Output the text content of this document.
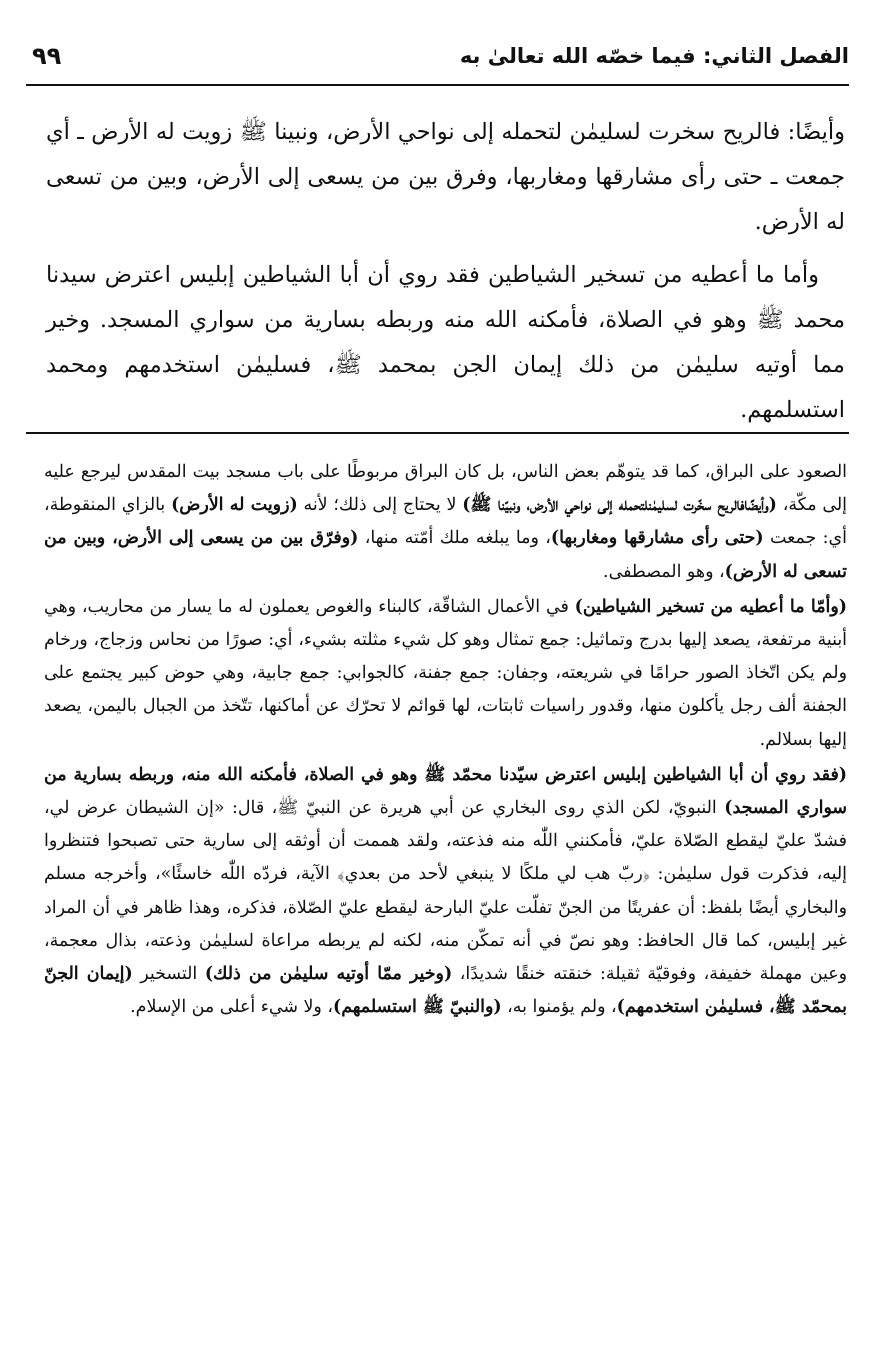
الفصل الثاني: فيما خصّه الله تعالىٰ به
٩٩

وأيضًا: فالريح سخرت لسليمٰن لتحمله إلى نواحي الأرض، ونبينا ﷺ زويت له الأرض ـ أي جمعت ـ حتى رأى مشارقها ومغاربها، وفرق بين من يسعى إلى الأرض، وبين من تسعى له الأرض.

وأما ما أعطيه من تسخير الشياطين فقد روي أن أبا الشياطين إبليس اعترض سيدنا محمد ﷺ وهو في الصلاة، فأمكنه الله منه وربطه بسارية من سواري المسجد. وخير مما أوتيه سليمٰن من ذلك إيمان الجن بمحمد ﷺ، فسليمٰن استخدمهم ومحمد استسلمهم.

الصعود على البراق، كما قد يتوهّم بعض الناس، بل كان البراق مربوطًا على باب مسجد بيت المقدس ليرجع عليه إلى مكّة، (وأيضًافالريح سخّرت لسليمٰنلتحمله إلى نواحي الأرض، ونبيّنا ﷺ) لا يحتاج إلى ذلك؛ لأنه (زويت له الأرض) بالزاي المنقوطة، أي: جمعت (حتى رأى مشارقها ومغاربها)، وما يبلغه ملك أمّته منها، (وفرّق بين من يسعى إلى الأرض، وبين من تسعى له الأرض)، وهو المصطفى.

(وأمّا ما أعطيه من تسخير الشياطين) في الأعمال الشاقّة، كالبناء والغوص يعملون له ما يسار من محاريب، وهي أبنية مرتفعة، يصعد إليها بدرج وتماثيل: جمع تمثال وهو كل شيء مثلته بشيء، أي: صورًا من نحاس وزجاج، ورخام ولم يكن اتّخاذ الصور حرامًا في شريعته، وجفان: جمع جفنة، كالجوابي: جمع جابية، وهي حوض كبير يجتمع على الجفنة ألف رجل يأكلون منها، وقدور راسيات ثابتات، لها قوائم لا تحرّك عن أماكنها، تتّخذ من الجبال باليمن، يصعد إليها بسلالم.

(فقد روي أن أبا الشياطين إبليس اعترض سيّدنا محمّد ﷺ وهو في الصلاة، فأمكنه الله منه، وربطه بسارية من سواري المسجد) النبويّ، لكن الذي روى البخاري عن أبي هريرة عن النبيّ ﷺ، قال: «إن الشيطان عرض لي، فشدّ عليّ ليقطع الصّلاة عليّ، فأمكنني اللّٰه منه فذعته، ولقد هممت أن أوثقه إلى سارية حتى تصبحوا فتنظروا إليه، فذكرت قول سليمٰن: ﴿ربّ هب لي ملكًا لا ينبغي لأحد من بعدي﴾ الآية، فردّه اللّٰه خاسئًا»، وأخرجه مسلم والبخاري أيضًا بلفظ: أن عفريتًا من الجنّ تفلّت عليّ البارحة ليقطع عليّ الصّلاة، فذكره، وهذا ظاهر في أن المراد غير إبليس، كما قال الحافظ: وهو نصّ في أنه تمكّن منه، لكنه لم يربطه مراعاة لسليمٰن وذعته، بذال معجمة، وعين مهملة خفيفة، وفوقيّة ثقيلة: خنقته خنقًا شديدًا، (وخير ممّا أوتيه سليمٰن من ذلك) التسخير (إيمان الجنّ بمحمّد ﷺ، فسليمٰن استخدمهم)، ولم يؤمنوا به، (والنبيّ ﷺ استسلمهم)، ولا شيء أعلى من الإسلام.
